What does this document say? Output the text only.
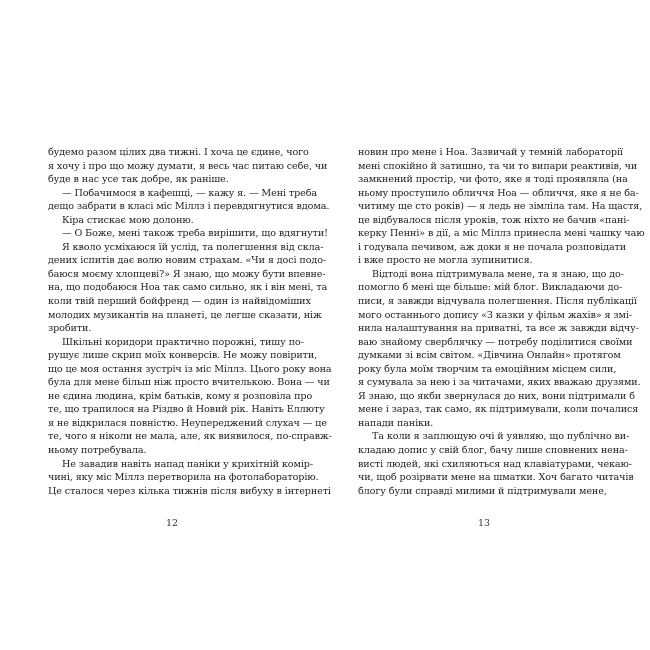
будемо разом цілих два тижні. І хоча це єдине, чого
я хочу і про що можу думати, я весь час питаю себе, чи
буде в нас усе так добре, як раніше.
— Побачимося в кафешці, — кажу я. — Мені треба
дещо забрати в класі міс Міллз і перевдягнутися вдома.
Кіра стискає мою долоню.
— О Боже, мені також треба вирішити, що вдягнути!
Я кволо усміхаюся їй услід, та полегшення від скла-
дених іспитів дає волю новим страхам. «Чи я досі подо-
баюся моєму хлопцеві?» Я знаю, що можу бути впевне-
на, що подобаюся Ноа так само сильно, як і він мені, та
коли твій перший бойфренд — один із найвідоміших
молодих музикантів на планеті, це легше сказати, ніж
зробити.
Шкільні коридори практично порожні, тишу по-
рушує лише скрип моїх конверсів. Не можу повірити,
що це моя остання зустріч із міс Міллз. Цього року вона
була для мене більш ніж просто вчителькою. Вона — чи
не єдина людина, крім батьків, кому я розповіла про
те, що трапилося на Різдво й Новий рік. Навіть Еллюту
я не відкрилася повністю. Неупереджений слухач — це
те, чого я ніколи не мала, але, як виявилося, по-справж-
ньому потребувала.
Не завадив навіть напад паніки у крихітній комір-
чині, яку міс Міллз перетворила на фотолабораторію.
Це сталося через кілька тижнів після вибуху в інтернеті
новин про мене і Ноа. Зазвичай у темній лабораторії
мені спокійно й затишно, та чи то випари реактивів, чи
замкнений простір, чи фото, яке я тоді проявляла (на
ньому проступило обличчя Ноа — обличчя, яке я не ба-
читиму ще сто років) — я ледь не зімліла там. На щастя,
це відбувалося після уроків, тож ніхто не бачив «пані-
керку Пенні» в дії, а міс Міллз принесла мені чашку чаю
і годувала печивом, аж доки я не почала розповідати
і вже просто не могла зупинитися.
Відтоді вона підтримувала мене, та я знаю, що до-
помогло б мені ще більше: мій блог. Викладаючи до-
писи, я завжди відчувала полегшення. Після публікації
мого останнього допису «З казки у фільм жахів» я змі-
нила налаштування на приватні, та все ж завжди відчу-
ваю знайому сверблячку — потребу поділитися своїми
думками зі всім світом. «Дівчина Онлайн» протягом
року була моїм творчим та емоційним місцем сили,
я сумувала за нею і за читачами, яких вважаю друзями.
Я знаю, що якби звернулася до них, вони підтримали б
мене і зараз, так само, як підтримували, коли почалися
напади паніки.
Та коли я заплющую очі й уявляю, що публічно ви-
кладаю допис у свій блог, бачу лише сповнених нена-
висті людей, які схиляються над клавіатурами, чекаю-
чи, щоб розірвати мене на шматки. Хоч багато читачів
блогу були справді милими й підтримували мене,
12	13
